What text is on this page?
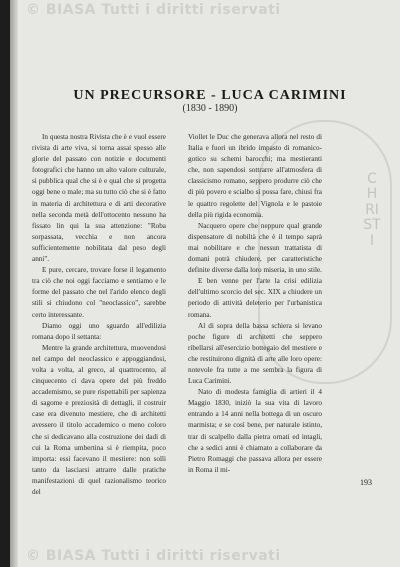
© BIASA Tutti i diritti riservati
CHRISTI
UN PRECURSORE - LUCA CARIMINI
(1830 - 1890)

In questa nostra Rivista che è e vuol essere rivista di arte viva, si torna assai spesso alle glorie del passato con notizie e documenti fotografici che hanno un alto valore culturale, si pubblica qual che si è e qual che si progetta oggi bene o male; ma su tutto ciò che si è fatto in materia di architettura e di arti decorative nella seconda metà dell'ottocento nessuno ha fissato lin qui la sua attenzione: "Roba sorpassata, vecchia e non ancora sufficientemente nobilitata dal peso degli anni".

E pure, cercare, trovare forse il legamento tra ciò che noi oggi facciamo e sentiamo e le forme del passato che nel l'arido elenco degli stili si chiudono col "neoclassico", sarebbe certo interessante.

Diamo oggi uno sguardo all'edilizia romana dopo il settanta:

Mentre la grande architettura, muovendosi nel campo del neoclassico e appoggiandosi, volta a volta, al greco, al quattrocento, al cinquecento ci dava opere del più freddo accademismo, se pure rispettabili per sapienza di sagome e preziosità di dettagli, il costruir case era divenuto mestiere, che di architetti avessero il titolo accademico o meno coloro che si dedicavano alla costruzione dei dadi di cui la Roma umbertina si è riempita, poco importa: essi facevano il mestiere: non solli tanto da lasciarsi attrarre dalle pratiche manifestazioni di quel razionalismo teorico del

Viollet le Duc che generava allora nel resto di Italia e fuori un ibrido impasto di romanico-gotico su schemi barocchi; ma mestieranti che, non sapendosi sottrarre all'atmosfera di classicismo romano, seppero produrre ciò che di più povero e scialbo si possa fare, chiusi fra le quattro regolette del Vignola e le pastoie della più rigida economia.

Nacquero opere che neppure qual grande dispensatore di nobiltà che è il tempo saprà mai nobilitare e che nessun trattatista di domani potrà chiudere, per caratteristiche definite diverse dalla loro miseria, in uno stile.

E ben venne per l'arte la crisi edilizia dell'ultimo scorcio del sec. XIX a chiudere un periodo di attività deleterio per l'urbanistica romana.

Al di sopra della bassa schiera si levano poche figure di architetti che seppero ribellarsi all'esercizio bottegaio del mestiere e che restituirono dignità di arte alle loro opere: notevole fra tutte a me sembra la figura di Luca Carimini.

Nato di modesta famiglia di artieri il 4 Maggio 1830, iniziò la sua vita di lavoro entrando a 14 anni nella bottega di un oscuro marmista; e se così bene, per naturale istinto, trar di scalpello dalla pietra ornati ed intagli, che a sedici anni è chiamato a collaborare da Pietro Romaggi che passava allora per essere in Roma il mi-

193
© BIASA Tutti i diritti riservati
